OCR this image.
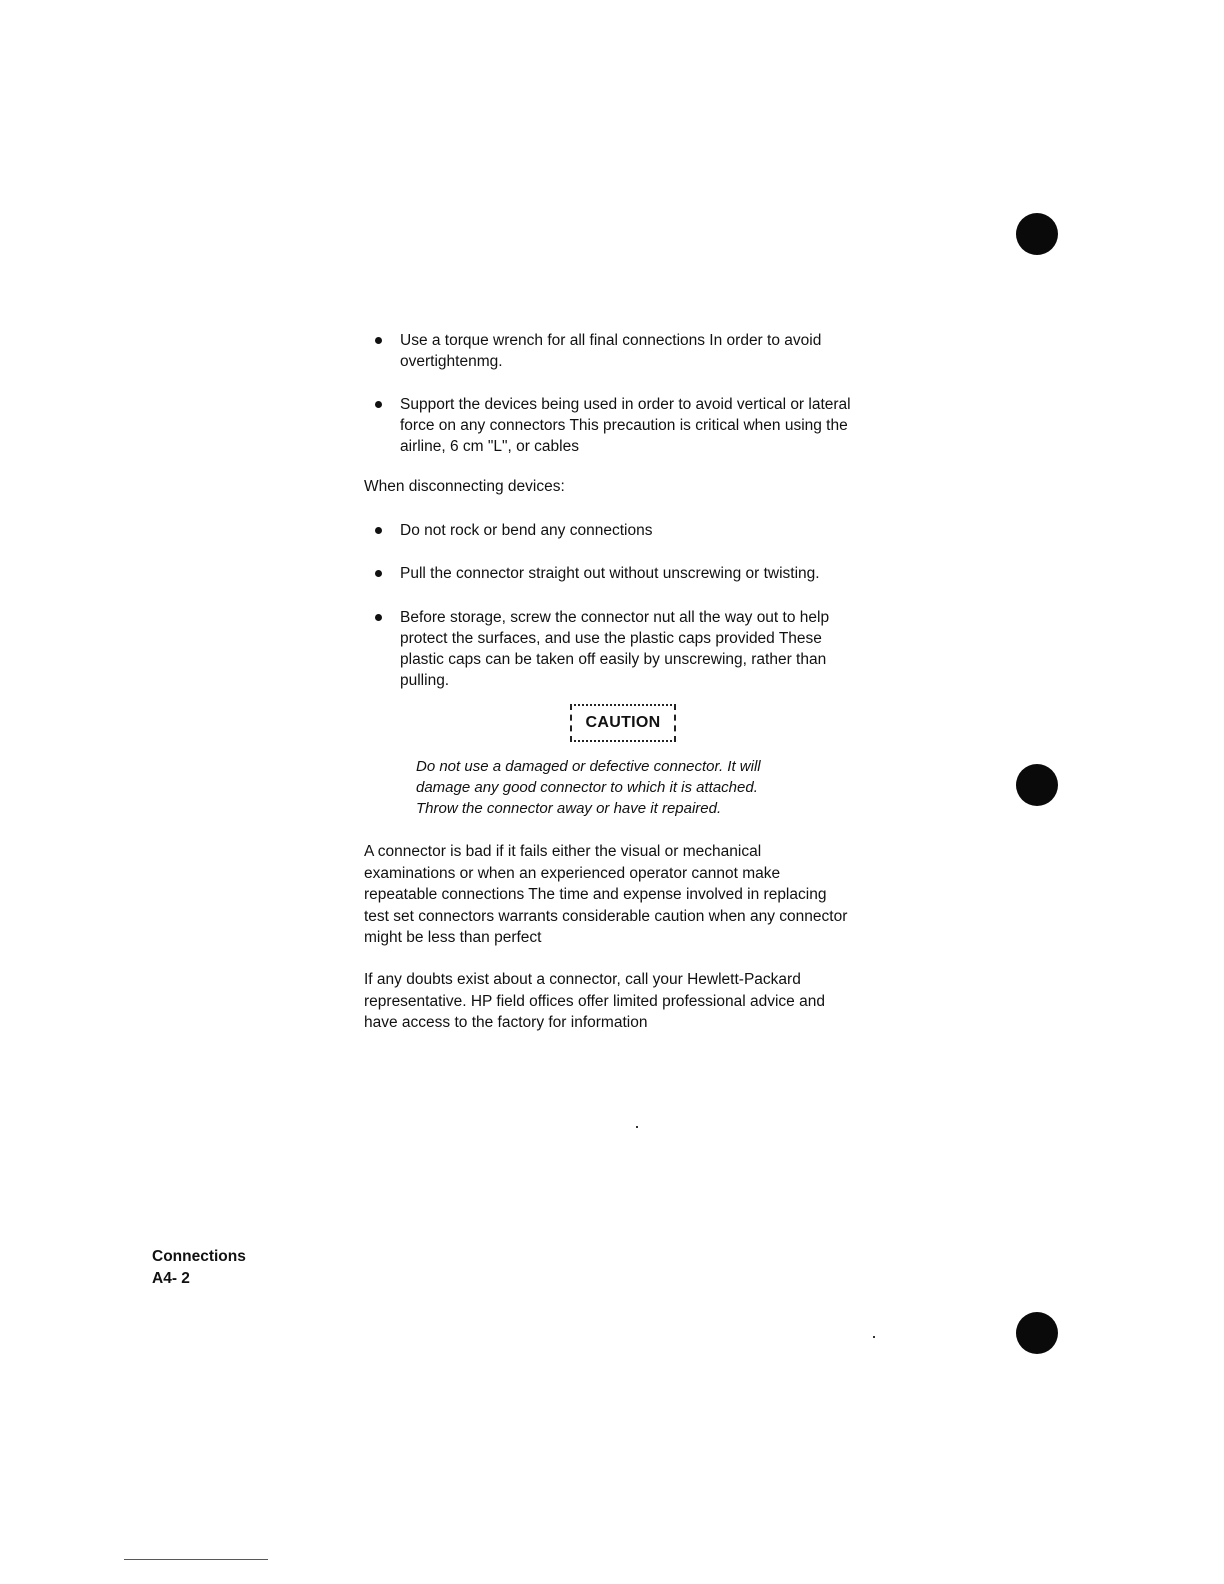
Use a torque wrench for all final connections In order to avoid
overtightenmg.
Support the devices being used in order to avoid vertical or lateral
force on any connectors This precaution is critical when using the
airline, 6 cm "L", or cables
When disconnecting devices:
Do not rock or bend any connections
Pull the connector straight out without unscrewing or twisting.
Before storage, screw the connector nut all the way out to help
protect the surfaces, and use the plastic caps provided These
plastic caps can be taken off easily by unscrewing, rather than
pulling.
CAUTION
Do not use a damaged or defective connector. It will
damage any good connector to which it is attached.
Throw the connector away or have it repaired.
A connector is bad if it fails either the visual or mechanical
examinations or when an experienced operator cannot make
repeatable connections The time and expense involved in replacing
test set connectors warrants considerable caution when any connector
might be less than perfect
If any doubts exist about a connector, call your Hewlett-Packard
representative. HP field offices offer limited professional advice and
have access to the factory for information
Connections
A4- 2
